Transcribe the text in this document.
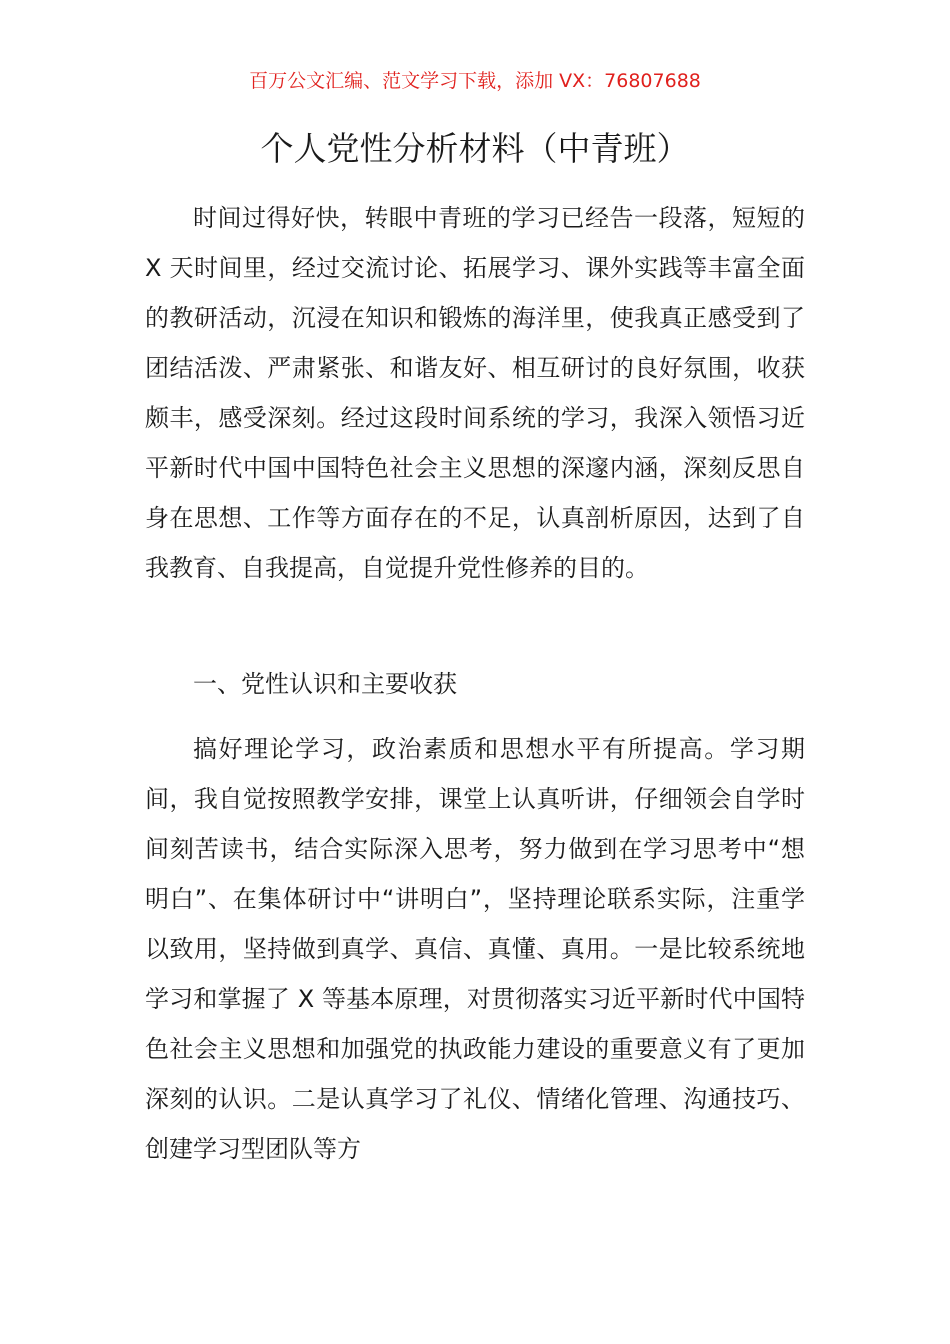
百万公文汇编、范文学习下载，添加 VX：76807688
个人党性分析材料（中青班）

时间过得好快，转眼中青班的学习已经告一段落，短短的 X 天时间里，经过交流讨论、拓展学习、课外实践等丰富全面的教研活动，沉浸在知识和锻炼的海洋里，使我真正感受到了团结活泼、严肃紧张、和谐友好、相互研讨的良好氛围，收获颇丰，感受深刻。经过这段时间系统的学习，我深入领悟习近平新时代中国中国特色社会主义思想的深邃内涵，深刻反思自身在思想、工作等方面存在的不足，认真剖析原因，达到了自我教育、自我提高，自觉提升党性修养的目的。

一、党性认识和主要收获

搞好理论学习，政治素质和思想水平有所提高。学习期间，我自觉按照教学安排，课堂上认真听讲，仔细领会自学时间刻苦读书，结合实际深入思考，努力做到在学习思考中“想明白”、在集体研讨中“讲明白”，坚持理论联系实际，注重学以致用，坚持做到真学、真信、真懂、真用。一是比较系统地学习和掌握了 X 等基本原理，对贯彻落实习近平新时代中国特色社会主义思想和加强党的执政能力建设的重要意义有了更加深刻的认识。二是认真学习了礼仪、情绪化管理、沟通技巧、创建学习型团队等方
